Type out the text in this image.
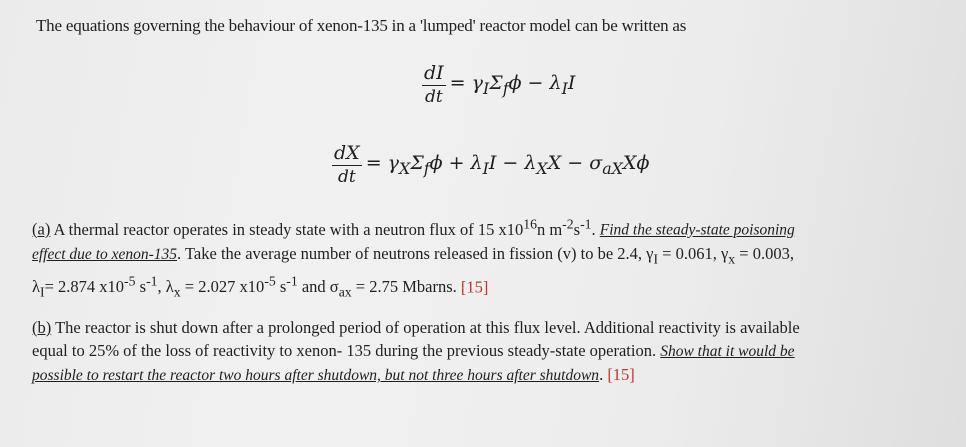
The equations governing the behaviour of xenon-135 in a 'lumped' reactor model can be written as
$\frac{dI}{dt} = \gamma_I\Sigma_f\phi - \lambda_II$
$\frac{dX}{dt} = \gamma_X\Sigma_f\phi + \lambda_II - \lambda_XX - \sigma_{aX}X\phi$
(a) A thermal reactor operates in steady state with a neutron flux of 15 $x10^{16}n$ $m^{-2}s^{-1}$. Find the steady-state poisoning
effect due to xenon-135. Take the average number of neutrons released in fission (v) to be 2.4, $\gamma_I = 0.061$, $\gamma_x = 0.003$,
$\lambda_I= 2.874$ $x10^{-5}$ $s^{-1}$, $\lambda_x = 2.027$ $x10^{-5}$ $s^{-1}$ and $\sigma_{ax} = 2.75$ Mbarns. [15]
(b) The reactor is shut down after a prolonged period of operation at this flux level. Additional reactivity is available
equal to 25% of the loss of reactivity to xenon- 135 during the previous steady-state operation. Show that it would be
possible to restart the reactor two hours after shutdown, but not three hours after shutdown. [15]
